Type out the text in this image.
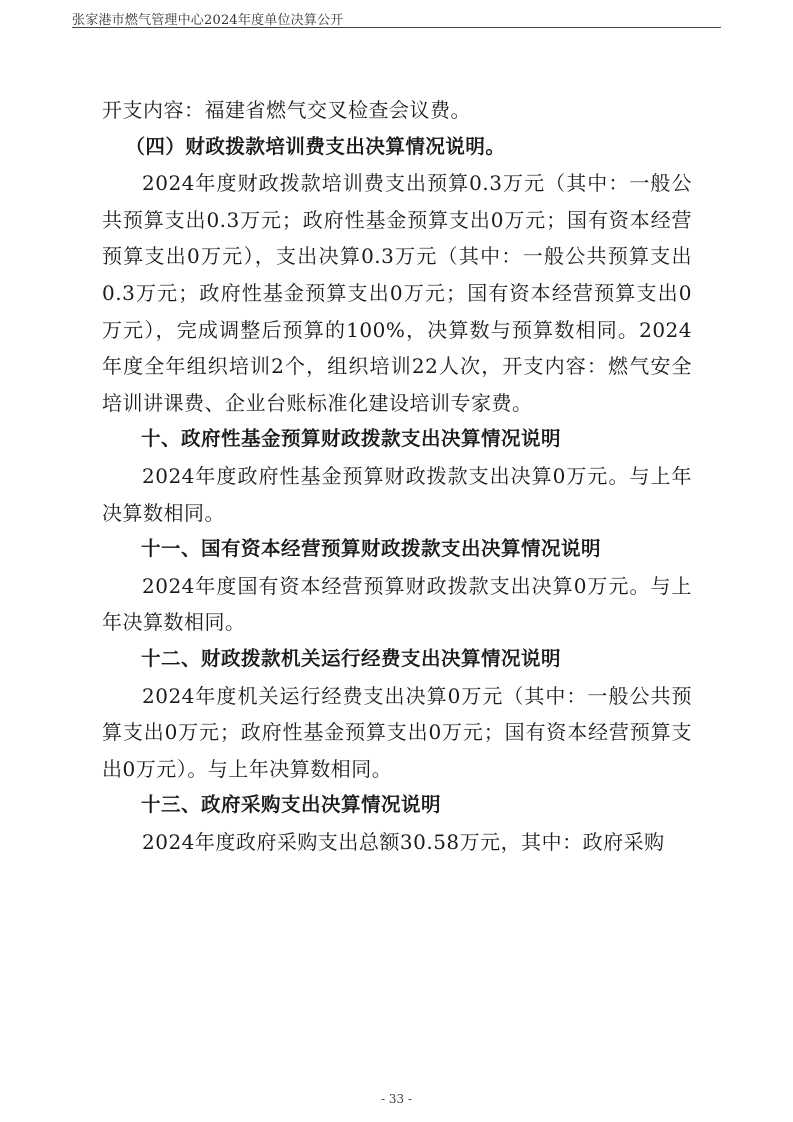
张家港市燃气管理中心2024年度单位决算公开

开支内容：福建省燃气交叉检查会议费。

（四）财政拨款培训费支出决算情况说明。

2024年度财政拨款培训费支出预算0.3万元（其中：一般公共预算支出0.3万元；政府性基金预算支出0万元；国有资本经营预算支出0万元），支出决算0.3万元（其中：一般公共预算支出0.3万元；政府性基金预算支出0万元；国有资本经营预算支出0万元），完成调整后预算的100%，决算数与预算数相同。2024年度全年组织培训2个，组织培训22人次，开支内容：燃气安全培训讲课费、企业台账标准化建设培训专家费。

十、政府性基金预算财政拨款支出决算情况说明

2024年度政府性基金预算财政拨款支出决算0万元。与上年决算数相同。

十一、国有资本经营预算财政拨款支出决算情况说明

2024年度国有资本经营预算财政拨款支出决算0万元。与上年决算数相同。

十二、财政拨款机关运行经费支出决算情况说明

2024年度机关运行经费支出决算0万元（其中：一般公共预算支出0万元；政府性基金预算支出0万元；国有资本经营预算支出0万元）。与上年决算数相同。

十三、政府采购支出决算情况说明

2024年度政府采购支出总额30.58万元，其中：政府采购

- 33 -
